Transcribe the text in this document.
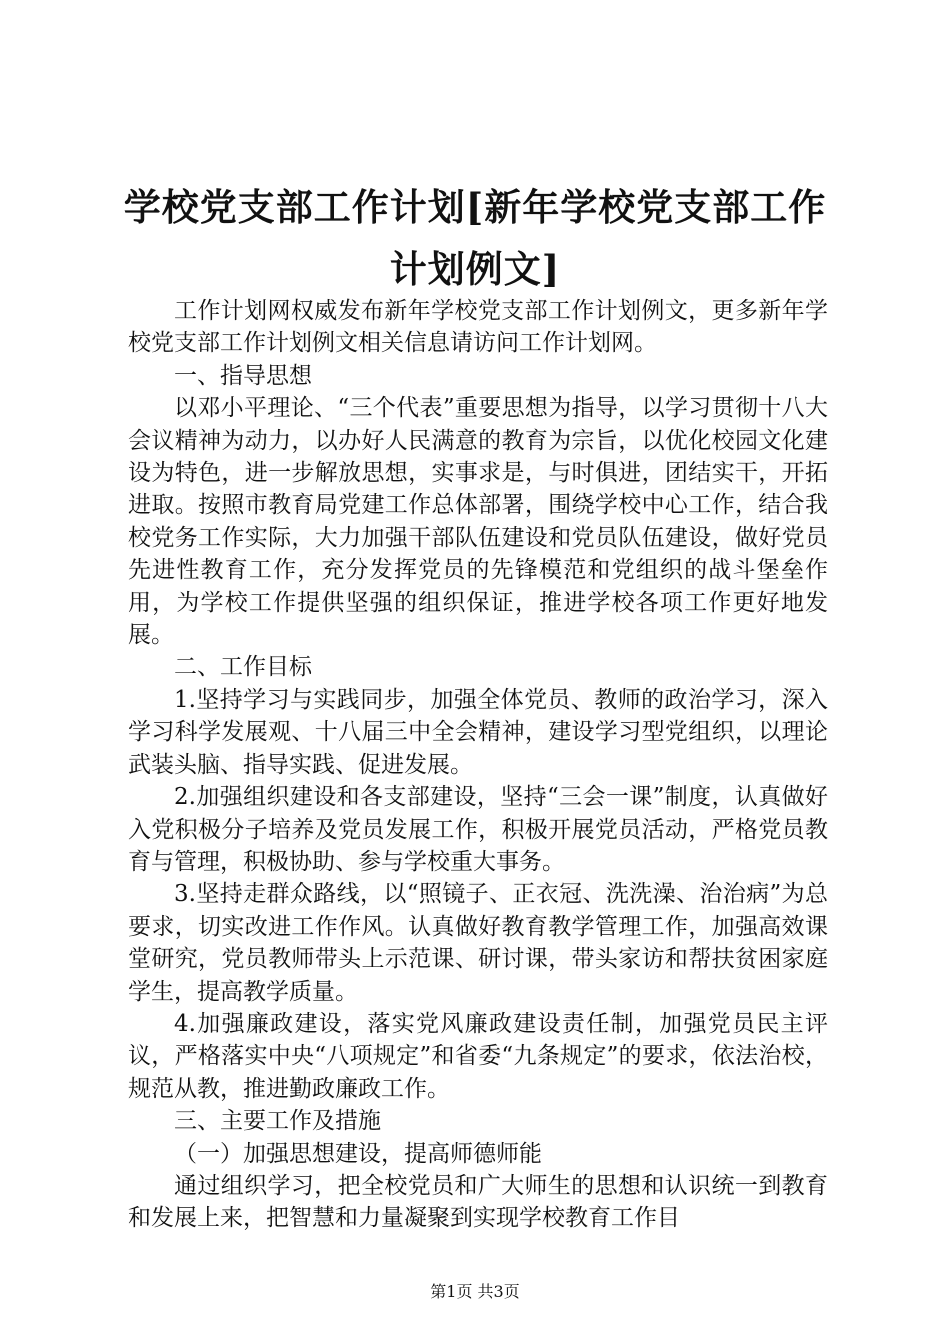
学校党支部工作计划[新年学校党支部工作计划例文]

工作计划网权威发布新年学校党支部工作计划例文，更多新年学校党支部工作计划例文相关信息请访问工作计划网。

一、指导思想

以邓小平理论、“三个代表”重要思想为指导，以学习贯彻十八大会议精神为动力，以办好人民满意的教育为宗旨，以优化校园文化建设为特色，进一步解放思想，实事求是，与时俱进，团结实干，开拓进取。按照市教育局党建工作总体部署，围绕学校中心工作，结合我校党务工作实际，大力加强干部队伍建设和党员队伍建设，做好党员先进性教育工作，充分发挥党员的先锋模范和党组织的战斗堡垒作用，为学校工作提供坚强的组织保证，推进学校各项工作更好地发展。

二、工作目标

1.坚持学习与实践同步，加强全体党员、教师的政治学习，深入学习科学发展观、十八届三中全会精神，建设学习型党组织，以理论武装头脑、指导实践、促进发展。

2.加强组织建设和各支部建设，坚持“三会一课”制度，认真做好入党积极分子培养及党员发展工作，积极开展党员活动，严格党员教育与管理，积极协助、参与学校重大事务。

3.坚持走群众路线，以“照镜子、正衣冠、洗洗澡、治治病”为总要求，切实改进工作作风。认真做好教育教学管理工作，加强高效课堂研究，党员教师带头上示范课、研讨课，带头家访和帮扶贫困家庭学生，提高教学质量。

4.加强廉政建设，落实党风廉政建设责任制，加强党员民主评议，严格落实中央“八项规定”和省委“九条规定”的要求，依法治校，规范从教，推进勤政廉政工作。

三、主要工作及措施

（一）加强思想建设，提高师德师能

通过组织学习，把全校党员和广大师生的思想和认识统一到教育和发展上来，把智慧和力量凝聚到实现学校教育工作目

第1页 共3页
